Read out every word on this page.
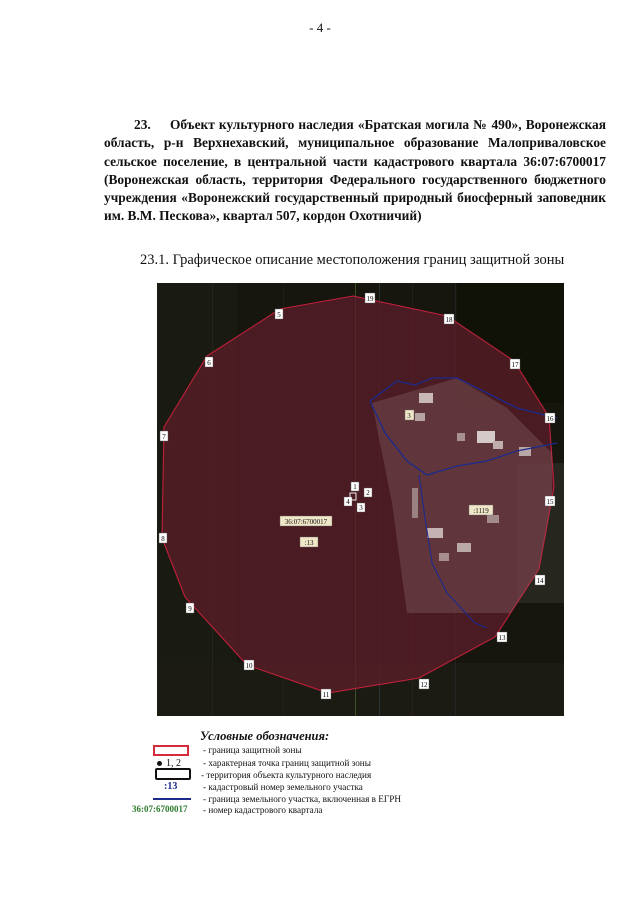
- 4 -
23. Объект культурного наследия «Братская могила № 490», Воронежская область, р-н Верхнехавский, муниципальное образование Малоприваловское сельское поселение, в центральной части кадастрового квартала 36:07:6700017 (Воронежская область, территория Федерального государственного бюджетного учреждения «Воронежский государственный природный биосферный заповедник им. В.М. Пескова», квартал 507, кордон Охотничий)
23.1. Графическое описание местоположения границ защитной зоны
19
18
17
16
15
14
13
12
11
10
9
8
7
6
5
1
2
3
4
36:07:6700017
:13
:1119
3
Условные обозначения:
- граница защитной зоны
1, 2 - характерная точка границ защитной зоны
- территория объекта культурного наследия
:13	- кадастровый номер земельного участка
- граница земельного участка, включенная в ЕГРН
36:07:6700017 - номер кадастрового квартала
